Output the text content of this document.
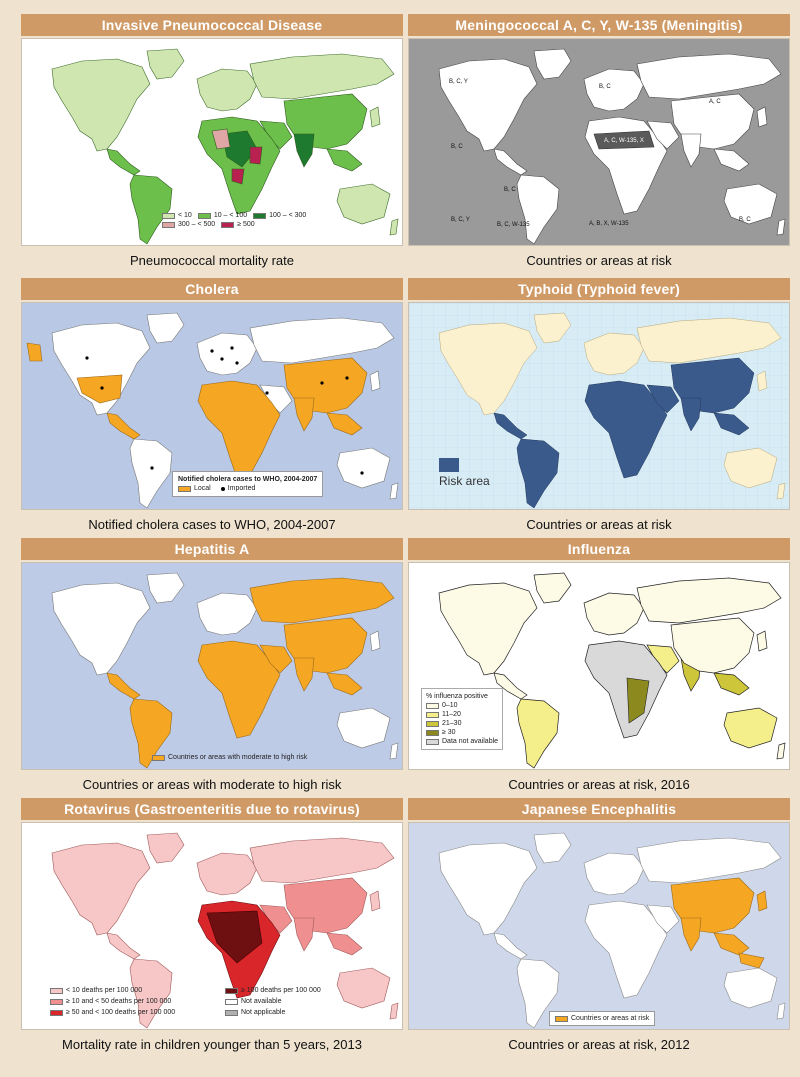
Invasive Pneumococcal Disease
< 10	10 – < 100	100 – < 300
300 – < 500	≥ 500
Pneumococcal mortality rate
Meningococcal A, C, Y, W-135 (Meningitis)
B, C, Y
B, C
A, C
A, C, W-135, X
B, C
B, C
B, C, Y
B, C, W-135	A, B, X, W-135
B, C
Countries or areas at risk
Cholera
Notified cholera cases to WHO, 2004-2007
Local Imported
Notified cholera cases to WHO, 2004-2007
Typhoid (Typhoid fever)
Risk area
Countries or areas at risk
Hepatitis A
Countries or areas with moderate to high risk
Countries or areas with moderate to high risk
Influenza
% influenza positive
0–10
11–20
21–30
≥ 30
Data not available
Countries or areas at risk, 2016
Rotavirus (Gastroenteritis due to rotavirus)
< 10 deaths per 100 000	≥ 100 deaths per 100 000
≥ 10 and < 50 deaths per 100 000	Not available
≥ 50 and < 100 deaths per 100 000	Not applicable
Mortality rate in children younger than 5 years, 2013
Japanese Encephalitis
Countries or areas at risk
Countries or areas at risk, 2012
